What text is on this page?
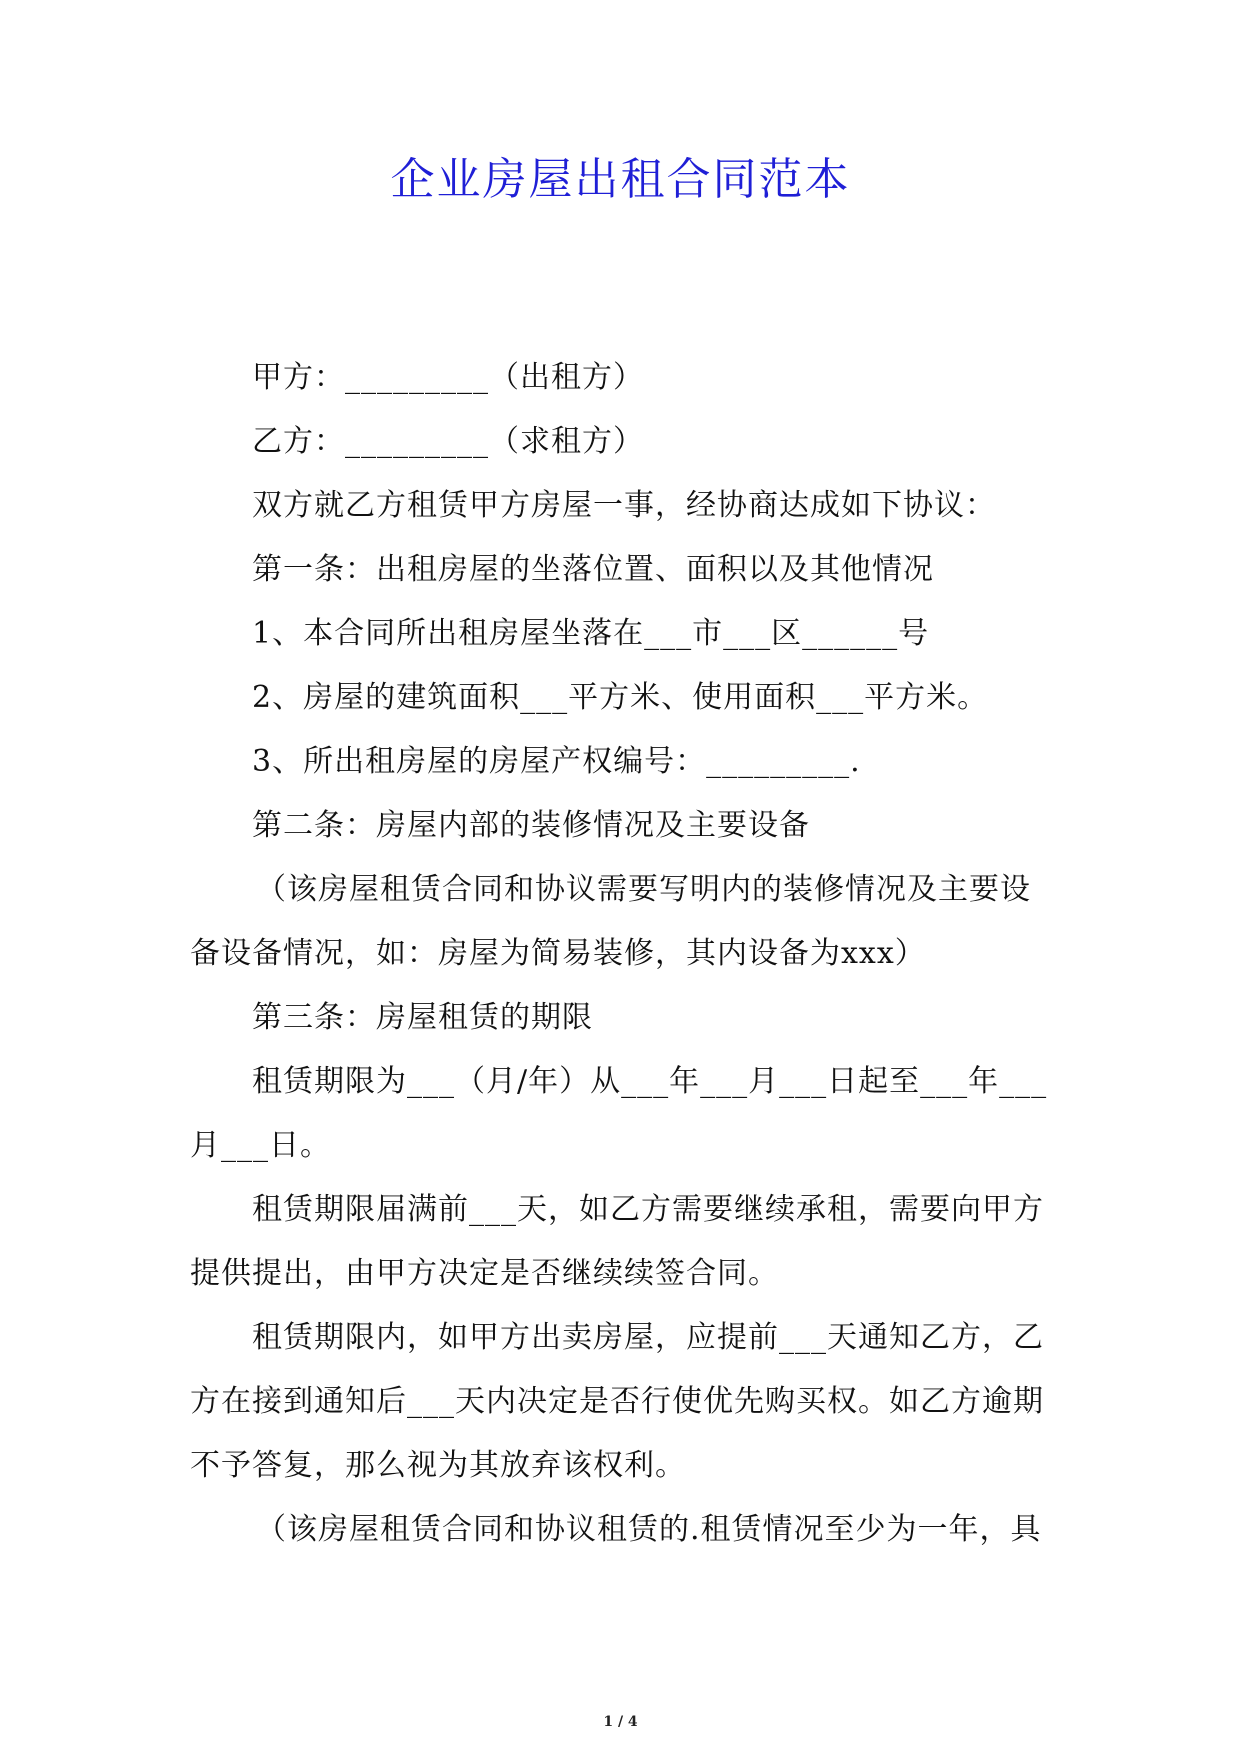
企业房屋出租合同范本
甲方：_________（出租方）
乙方：_________（求租方）
双方就乙方租赁甲方房屋一事，经协商达成如下协议：
第一条：出租房屋的坐落位置、面积以及其他情况
1、本合同所出租房屋坐落在___市___区______号
2、房屋的建筑面积___平方米、使用面积___平方米。
3、所出租房屋的房屋产权编号：_________.
第二条：房屋内部的装修情况及主要设备
（该房屋租赁合同和协议需要写明内的装修情况及主要设
备设备情况，如：房屋为简易装修，其内设备为xxx）
第三条：房屋租赁的期限
租赁期限为___（月/年）从___年___月___日起至___年___
月___日。
租赁期限届满前___天，如乙方需要继续承租，需要向甲方
提供提出，由甲方决定是否继续续签合同。
租赁期限内，如甲方出卖房屋，应提前___天通知乙方，乙
方在接到通知后___天内决定是否行使优先购买权。如乙方逾期
不予答复，那么视为其放弃该权利。
（该房屋租赁合同和协议租赁的.租赁情况至少为一年，具
1 / 4
